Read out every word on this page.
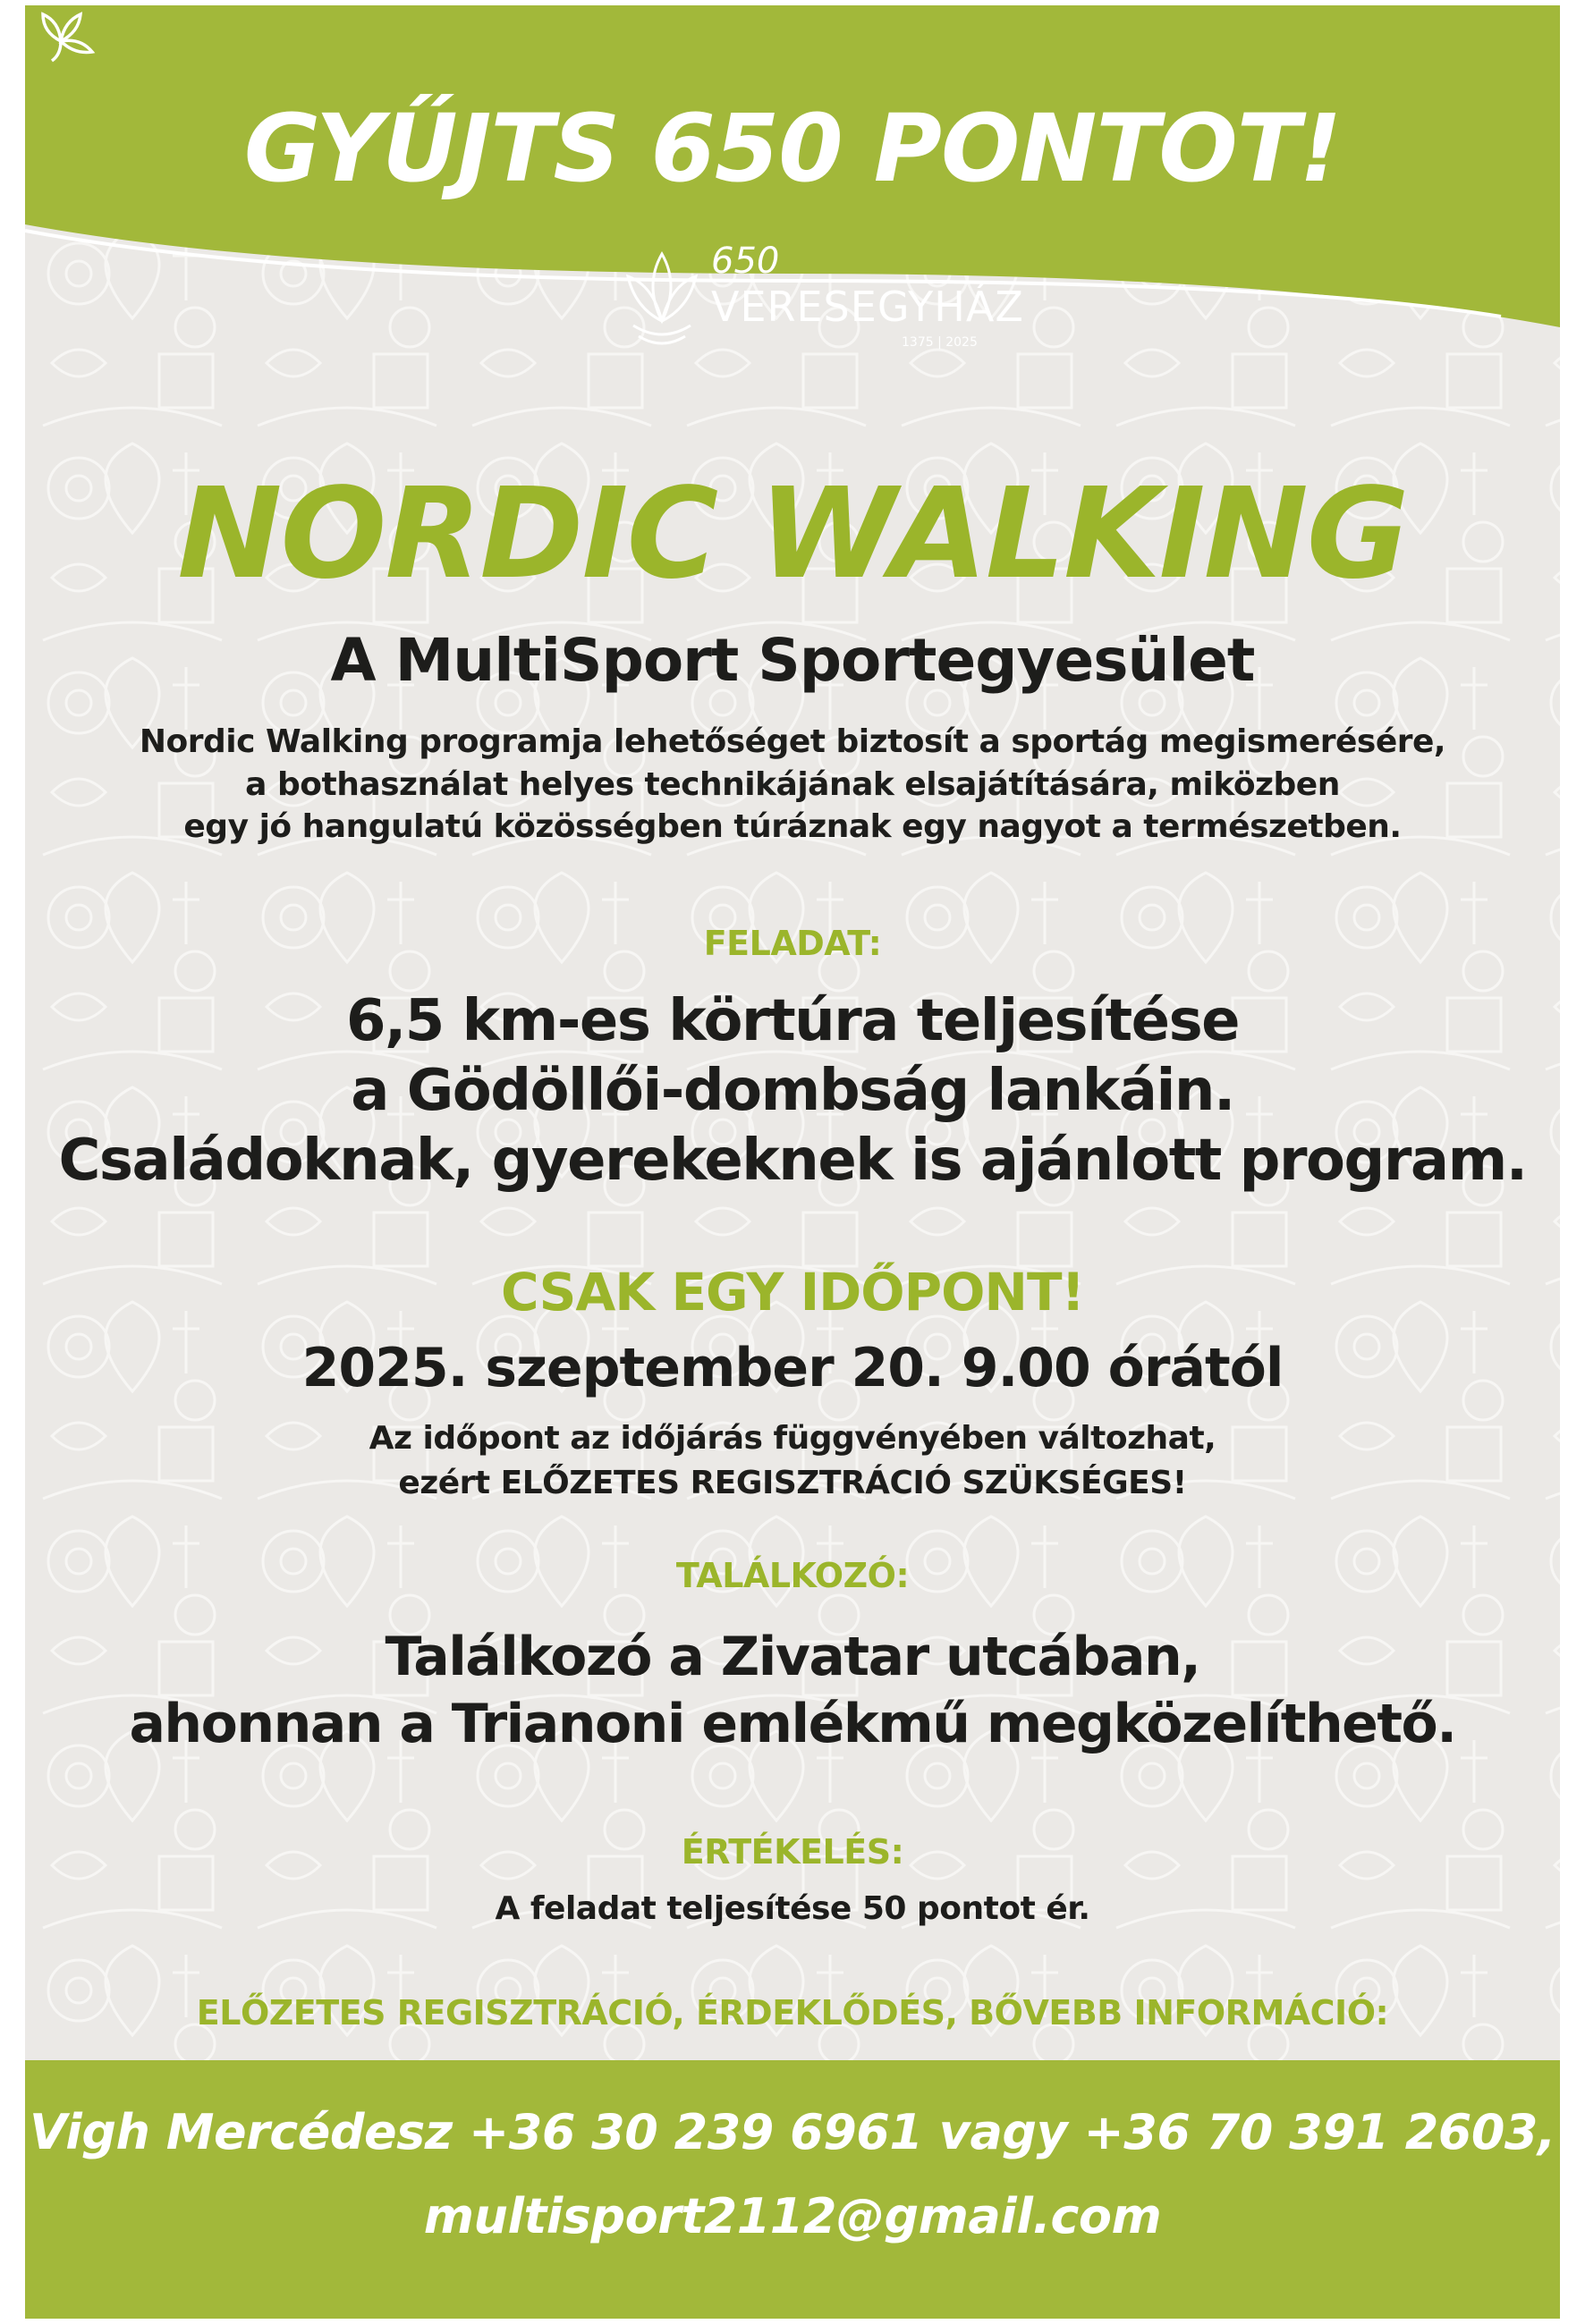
GYŰJTS 650 PONTOT!
650
VERESEGYHÁZ
1375 | 2025
NORDIC WALKING
A MultiSport Sportegyesület
Nordic Walking programja lehetőséget biztosít a sportág megismerésére,
a bothasználat helyes technikájának elsajátítására, miközben
egy jó hangulatú közösségben túráznak egy nagyot a természetben.
FELADAT:
6,5 km-es körtúra teljesítése
a Gödöllői-dombság lankáin.
Családoknak, gyerekeknek is ajánlott program.
CSAK EGY IDŐPONT!
2025. szeptember 20. 9.00 órától
Az időpont az időjárás függvényében változhat,
ezért ELŐZETES REGISZTRÁCIÓ SZÜKSÉGES!
TALÁLKOZÓ:
Találkozó a Zivatar utcában,
ahonnan a Trianoni emlékmű megközelíthető.
ÉRTÉKELÉS:
A feladat teljesítése 50 pontot ér.
ELŐZETES REGISZTRÁCIÓ, ÉRDEKLŐDÉS, BŐVEBB INFORMÁCIÓ:
Vigh Mercédesz +36 30 239 6961 vagy +36 70 391 2603,
multisport2112@gmail.com
